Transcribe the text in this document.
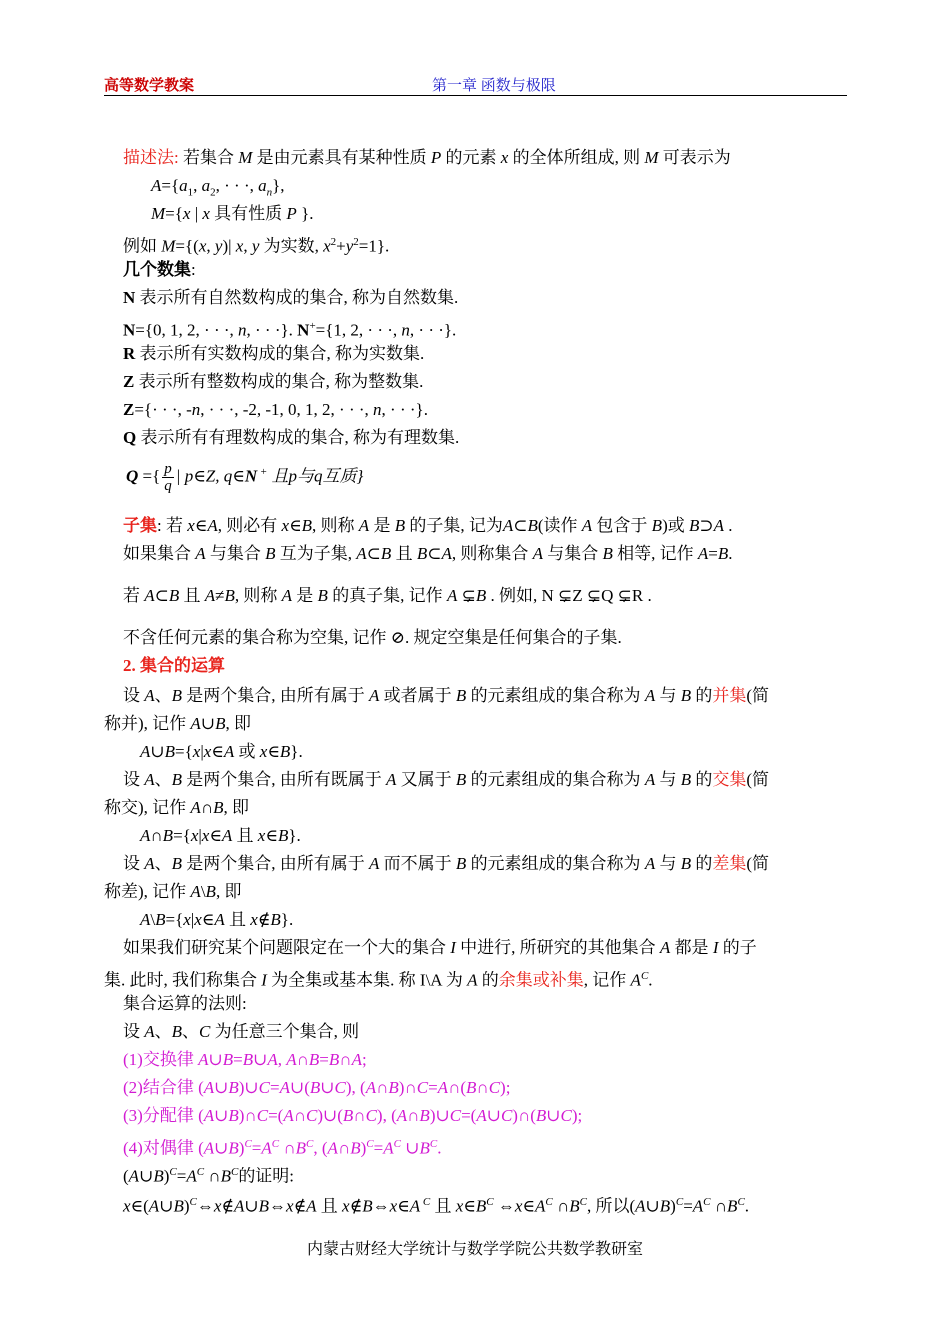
高等数学教案	第一章 函数与极限
描述法: 若集合 M 是由元素具有某种性质 P 的元素 x 的全体所组成, 则 M 可表示为
$A=\{a_1$, $a_2$, · · ·, $a_n$},
M={x | x 具有性质 P }.
例如 M={(x, y)| x, y 为实数, $x^2+y^2=1$}.
几个数集:
N 表示所有自然数构成的集合, 称为自然数集.
N={0, 1, 2, · · ·, n, · · ·}. N+={1, 2, · · ·, n, · · ·}.
R 表示所有实数构成的集合, 称为实数集.
Z 表示所有整数构成的集合, 称为整数集.
Z={· · ·, -n, · · ·, -2, -1, 0, 1, 2, · · ·, n, · · ·}.
Q 表示所有有理数构成的集合, 称为有理数集.
子集: 若 x∈A, 则必有 x∈B, 则称 A 是 B 的子集, 记为A⊂B(读作 A 包含于 B)或 B⊃A .
如果集合 A 与集合 B 互为子集, A⊂B 且 B⊂A, 则称集合 A 与集合 B 相等, 记作 A=B.
若 A⊂B 且 A≠B, 则称 A 是 B 的真子集, 记作 A ⊊B . 例如, N ⊊Z ⊊Q ⊊R .
不含任何元素的集合称为空集, 记作 ⊘. 规定空集是任何集合的子集.
2. 集合的运算
设 A、B 是两个集合, 由所有属于 A 或者属于 B 的元素组成的集合称为 A 与 B 的并集(简
称并), 记作 A∪B, 即
A∪B={x|x∈A 或 x∈B}.
设 A、B 是两个集合, 由所有既属于 A 又属于 B 的元素组成的集合称为 A 与 B 的交集(简
称交), 记作 A∩B, 即
A∩B={x|x∈A 且 x∈B}.
设 A、B 是两个集合, 由所有属于 A 而不属于 B 的元素组成的集合称为 A 与 B 的差集(简
称差), 记作 A\B, 即
A\B={x|x∈A 且 x∉B}.
如果我们研究某个问题限定在一个大的集合 I 中进行, 所研究的其他集合 A 都是 I 的子
集. 此时, 我们称集合 I 为全集或基本集. 称 I\A 为 A 的余集或补集, 记作 $A^C$.
集合运算的法则:
设 A、B、C 为任意三个集合, 则
(1)交换律 A∪B=B∪A, A∩B=B∩A;
(2)结合律 (A∪B)∪C=A∪(B∪C), (A∩B)∩C=A∩(B∩C);
(3)分配律 (A∪B)∩C=(A∩C)∪(B∩C), (A∩B)∪C=(A∪C)∩(B∪C);
(4)对偶律 $(A\cup B)^C=A^C$ $\cap B^C$, $(A\cap B)^C=A^C$ $\cup B^C$.
$(A\cup B)^C=A^C$ $\cap B^C$的证明:
x∈(A∪B)$^C$⇔x∉A∪B⇔x∉A 且 x∉B⇔x∈A $^C$ 且 $x\in B^C$ $\Leftrightarrow x\in A^C$ $\cap B^C$, 所以$(A\cup B)^C=A^C$ $\cap B^C$.
Q ={ $\frac{p}{q}$ | p∈Z, q∈N + 且p与q互质}
内蒙古财经大学统计与数学学院公共数学教研室
